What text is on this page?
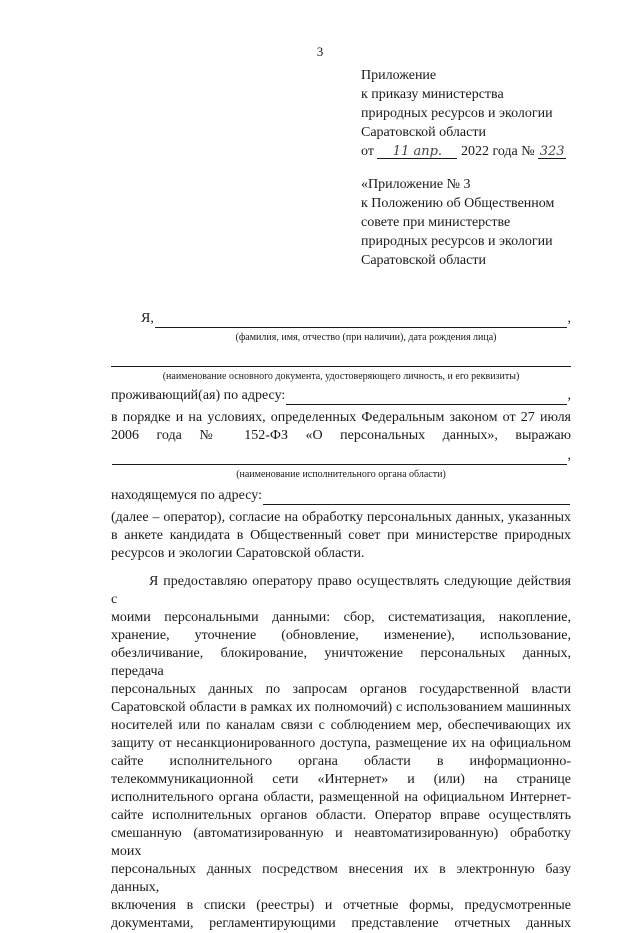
3
Приложение
к приказу министерства
природных ресурсов и экологии
Саратовской области
от 11 апр. 2022 года № 323
«Приложение № 3
к Положению об Общественном
совете при министерстве
природных ресурсов и экологии
Саратовской области
Я,	,
(фамилия, имя, отчество (при наличии), дата рождения лица)
(наименование основного документа, удостоверяющего личность, и его реквизиты)
проживающий(ая) по адресу:	,
в порядке и на условиях, определенных Федеральным законом от 27 июля
2006 года № 152-ФЗ «О персональных данных», выражаю
,
(наименование исполнительного органа области)
находящемуся по адресу:
(далее – оператор), согласие на обработку персональных данных, указанных
в анкете кандидата в Общественный совет при министерстве природных
ресурсов и экологии Саратовской области.
Я предоставляю оператору право осуществлять следующие действия с
моими персональными данными: сбор, систематизация, накопление,
хранение, уточнение (обновление, изменение), использование,
обезличивание, блокирование, уничтожение персональных данных, передача
персональных данных по запросам органов государственной власти
Саратовской области в рамках их полномочий) с использованием машинных
носителей или по каналам связи с соблюдением мер, обеспечивающих их
защиту от несанкционированного доступа, размещение их на официальном
сайте исполнительного органа области в информационно-
телекоммуникационной сети «Интернет» и (или) на странице
исполнительного органа области, размещенной на официальном Интернет-
сайте исполнительных органов области. Оператор вправе осуществлять
смешанную (автоматизированную и неавтоматизированную) обработку моих
персональных данных посредством внесения их в электронную базу данных,
включения в списки (реестры) и отчетные формы, предусмотренные
документами, регламентирующими представление отчетных данных
